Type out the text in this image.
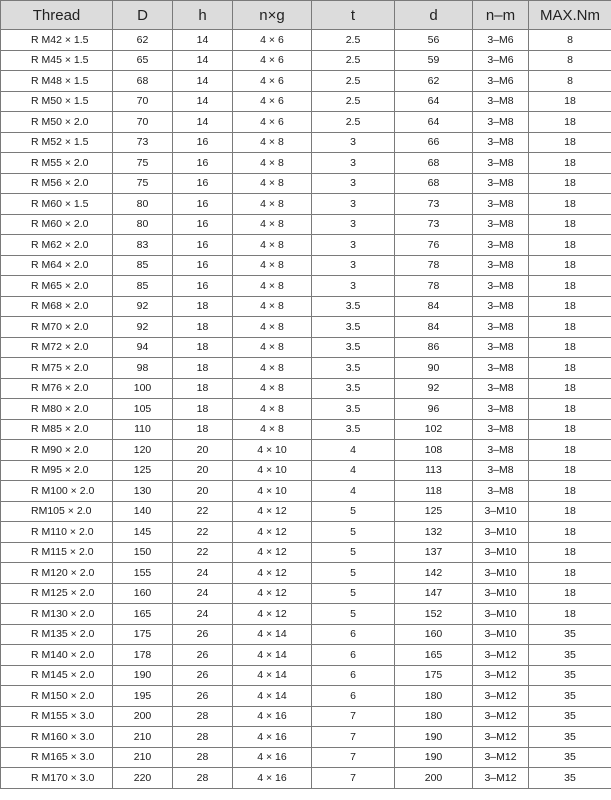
Thread	D	h	n×g	t	d	n–m	MAX.Nm
R M42 × 1.5	62	14	4 × 6	2.5	56	3–M6	8
R M45 × 1.5	65	14	4 × 6	2.5	59	3–M6	8
R M48 × 1.5	68	14	4 × 6	2.5	62	3–M6	8
R M50 × 1.5	70	14	4 × 6	2.5	64	3–M8	18
R M50 × 2.0	70	14	4 × 6	2.5	64	3–M8	18
R M52 × 1.5	73	16	4 × 8	3	66	3–M8	18
R M55 × 2.0	75	16	4 × 8	3	68	3–M8	18
R M56 × 2.0	75	16	4 × 8	3	68	3–M8	18
R M60 × 1.5	80	16	4 × 8	3	73	3–M8	18
R M60 × 2.0	80	16	4 × 8	3	73	3–M8	18
R M62 × 2.0	83	16	4 × 8	3	76	3–M8	18
R M64 × 2.0	85	16	4 × 8	3	78	3–M8	18
R M65 × 2.0	85	16	4 × 8	3	78	3–M8	18
R M68 × 2.0	92	18	4 × 8	3.5	84	3–M8	18
R M70 × 2.0	92	18	4 × 8	3.5	84	3–M8	18
R M72 × 2.0	94	18	4 × 8	3.5	86	3–M8	18
R M75 × 2.0	98	18	4 × 8	3.5	90	3–M8	18
R M76 × 2.0	100	18	4 × 8	3.5	92	3–M8	18
R M80 × 2.0	105	18	4 × 8	3.5	96	3–M8	18
R M85 × 2.0	110	18	4 × 8	3.5	102	3–M8	18
R M90 × 2.0	120	20	4 × 10	4	108	3–M8	18
R M95 × 2.0	125	20	4 × 10	4	113	3–M8	18
R M100 × 2.0	130	20	4 × 10	4	118	3–M8	18
RM105 × 2.0	140	22	4 × 12	5	125	3–M10	18
R M110 × 2.0	145	22	4 × 12	5	132	3–M10	18
R M115 × 2.0	150	22	4 × 12	5	137	3–M10	18
R M120 × 2.0	155	24	4 × 12	5	142	3–M10	18
R M125 × 2.0	160	24	4 × 12	5	147	3–M10	18
R M130 × 2.0	165	24	4 × 12	5	152	3–M10	18
R M135 × 2.0	175	26	4 × 14	6	160	3–M10	35
R M140 × 2.0	178	26	4 × 14	6	165	3–M12	35
R M145 × 2.0	190	26	4 × 14	6	175	3–M12	35
R M150 × 2.0	195	26	4 × 14	6	180	3–M12	35
R M155 × 3.0	200	28	4 × 16	7	180	3–M12	35
R M160 × 3.0	210	28	4 × 16	7	190	3–M12	35
R M165 × 3.0	210	28	4 × 16	7	190	3–M12	35
R M170 × 3.0	220	28	4 × 16	7	200	3–M12	35
